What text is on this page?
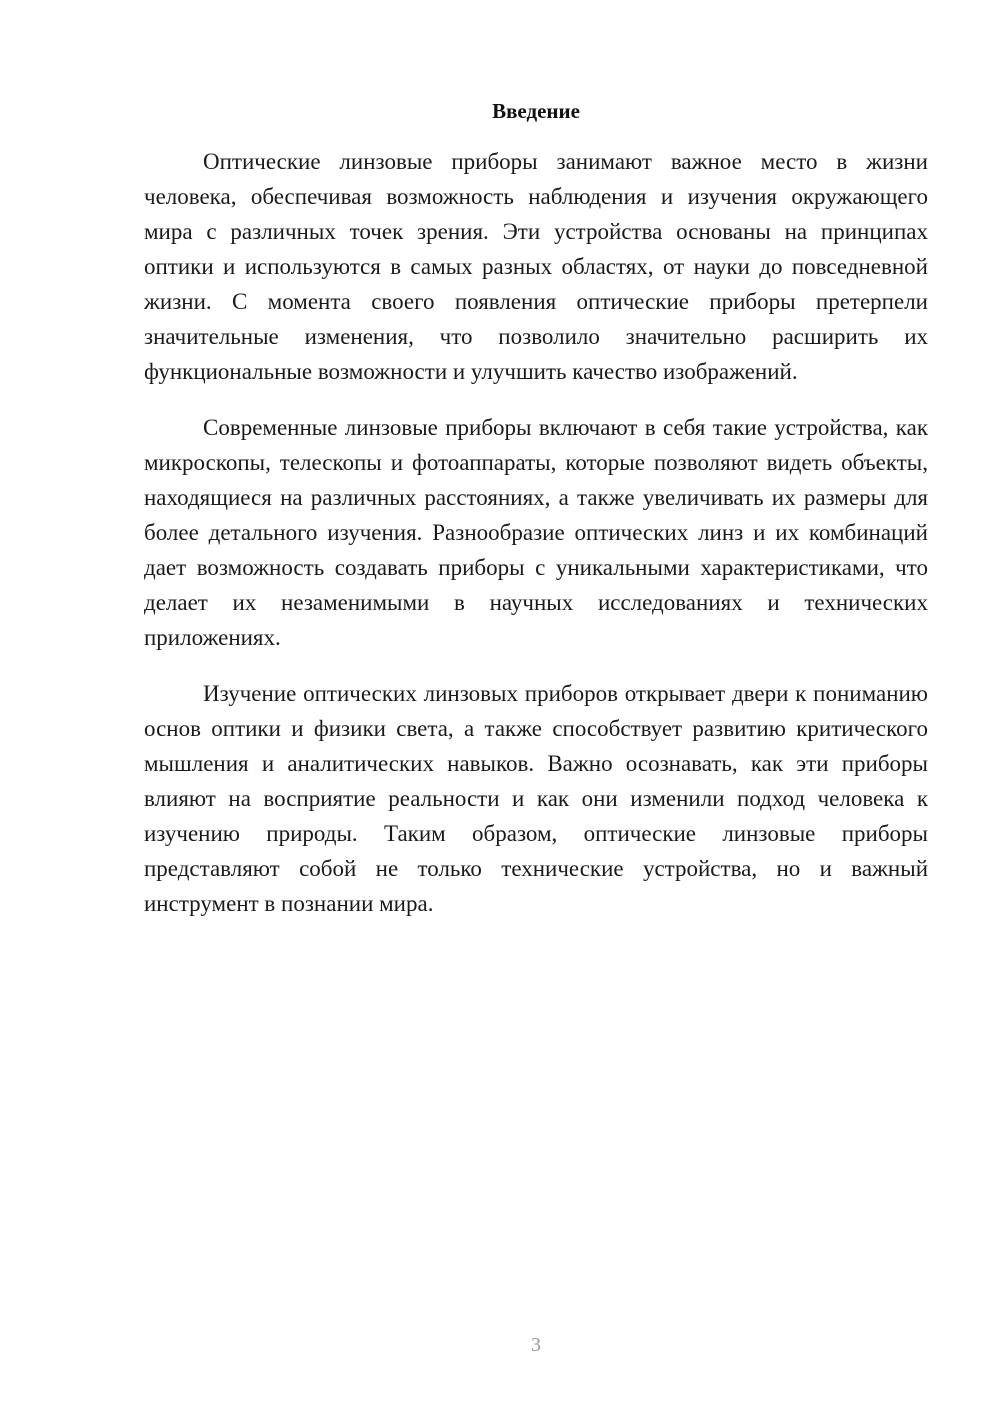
Введение

Оптические линзовые приборы занимают важное место в жизни человека, обеспечивая возможность наблюдения и изучения окружающего мира с различных точек зрения. Эти устройства основаны на принципах оптики и используются в самых разных областях, от науки до повседневной жизни. С момента своего появления оптические приборы претерпели значительные изменения, что позволило значительно расширить их функциональные возможности и улучшить качество изображений.

Современные линзовые приборы включают в себя такие устройства, как микроскопы, телескопы и фотоаппараты, которые позволяют видеть объекты, находящиеся на различных расстояниях, а также увеличивать их размеры для более детального изучения. Разнообразие оптических линз и их комбинаций дает возможность создавать приборы с уникальными характеристиками, что делает их незаменимыми в научных исследованиях и технических приложениях.

Изучение оптических линзовых приборов открывает двери к пониманию основ оптики и физики света, а также способствует развитию критического мышления и аналитических навыков. Важно осознавать, как эти приборы влияют на восприятие реальности и как они изменили подход человека к изучению природы. Таким образом, оптические линзовые приборы представляют собой не только технические устройства, но и важный инструмент в познании мира.

3
